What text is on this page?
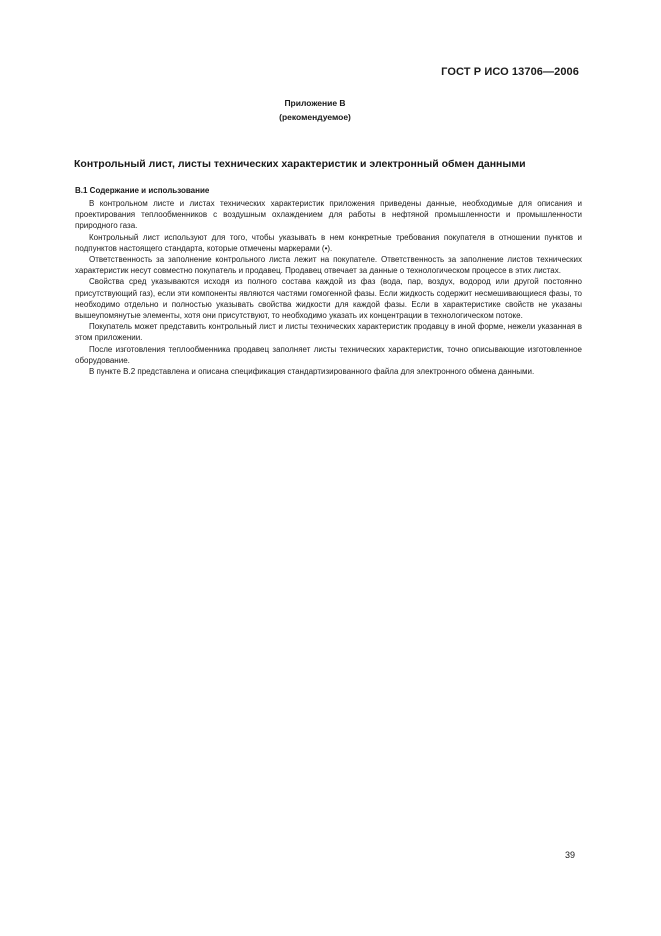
ГОСТ Р ИСО 13706—2006
Приложение В
(рекомендуемое)
Контрольный лист, листы технических характеристик и электронный обмен данными
В.1 Содержание и использование

В контрольном листе и листах технических характеристик приложения приведены данные, необходимые для описания и проектирования теплообменников с воздушным охлаждением для работы в нефтяной промышленности и промышленности природного газа.

Контрольный лист используют для того, чтобы указывать в нем конкретные требования покупателя в отношении пунктов и подпунктов настоящего стандарта, которые отмечены маркерами (•).

Ответственность за заполнение контрольного листа лежит на покупателе. Ответственность за заполнение листов технических характеристик несут совместно покупатель и продавец. Продавец отвечает за данные о технологическом процессе в этих листах.

Свойства сред указываются исходя из полного состава каждой из фаз (вода, пар, воздух, водород или другой постоянно присутствующий газ), если эти компоненты являются частями гомогенной фазы. Если жидкость содержит несмешивающиеся фазы, то необходимо отдельно и полностью указывать свойства жидкости для каждой фазы. Если в характеристике свойств не указаны вышеупомянутые элементы, хотя они присутствуют, то необходимо указать их концентрации в технологическом потоке.

Покупатель может представить контрольный лист и листы технических характеристик продавцу в иной форме, нежели указанная в этом приложении.

После изготовления теплообменника продавец заполняет листы технических характеристик, точно описывающие изготовленное оборудование.

В пункте В.2 представлена и описана спецификация стандартизированного файла для электронного обмена данными.

39
